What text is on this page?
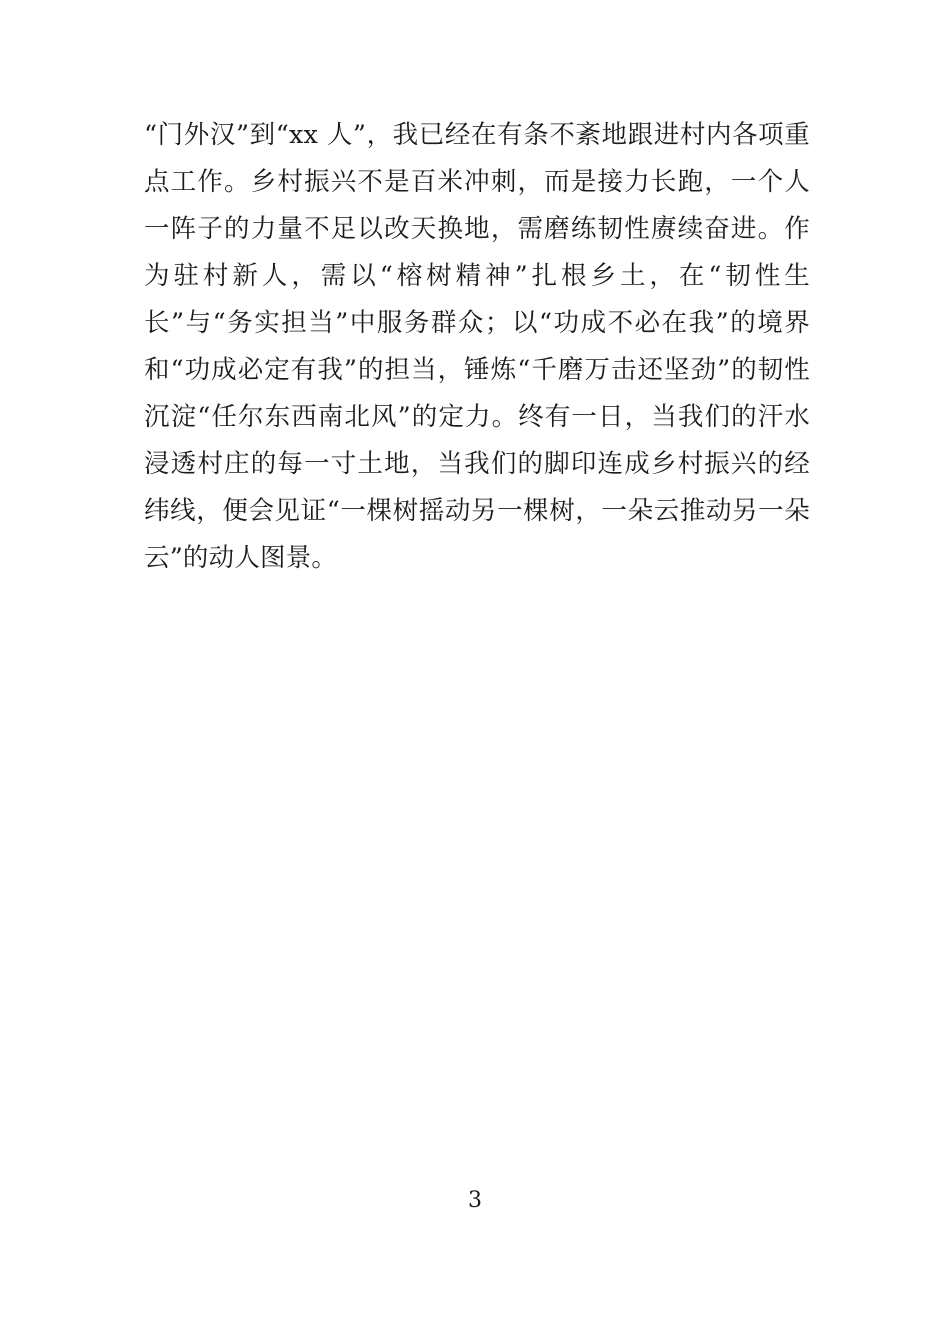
“门外汉”到“xx 人”，我已经在有条不紊地跟进村内各项重点工作。乡村振兴不是百米冲刺，而是接力长跑，一个人一阵子的力量不足以改天换地，需磨练韧性赓续奋进。作为驻村新人，需以“榕树精神”扎根乡土，在“韧性生长”与“务实担当”中服务群众；以“功成不必在我”的境界和“功成必定有我”的担当，锤炼“千磨万击还坚劲”的韧性沉淀“任尔东西南北风”的定力。终有一日，当我们的汗水浸透村庄的每一寸土地，当我们的脚印连成乡村振兴的经纬线，便会见证“一棵树摇动另一棵树，一朵云推动另一朵云”的动人图景。
3
